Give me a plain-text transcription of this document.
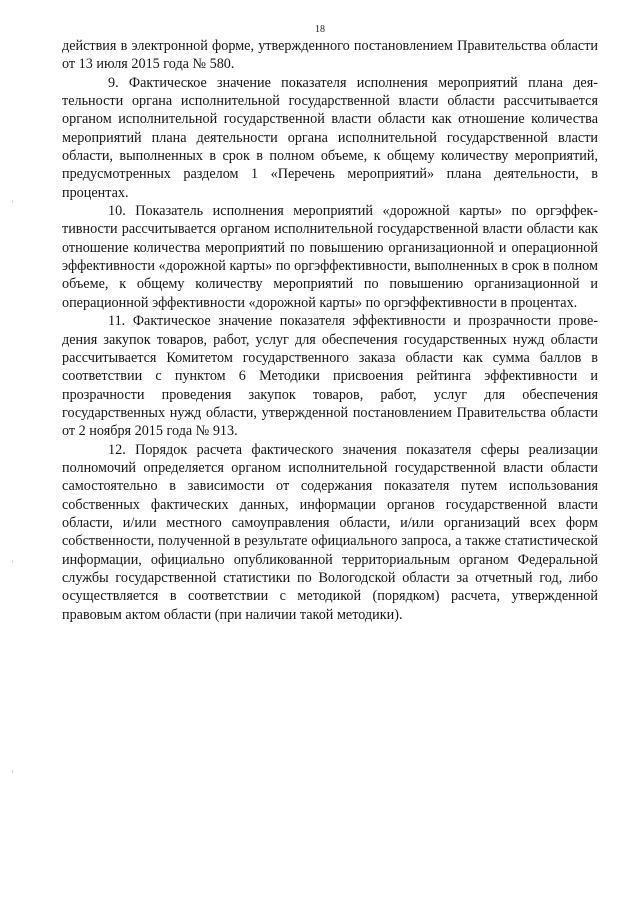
18

действия в электронной форме, утвержденного постановлением Правительства области от 13 июля 2015 года № 580.

9. Фактическое значение показателя исполнения мероприятий плана деятельности органа исполнительной государственной власти области рассчитывается органом исполнительной государственной власти области как отношение количества мероприятий плана деятельности органа исполнительной государственной власти области, выполненных в срок в полном объеме, к общему количеству мероприятий, предусмотренных разделом 1 «Перечень мероприятий» плана деятельности, в процентах.

10. Показатель исполнения мероприятий «дорожной карты» по оргэффективности рассчитывается органом исполнительной государственной власти области как отношение количества мероприятий по повышению организационной и операционной эффективности «дорожной карты» по оргэффективности, выполненных в срок в полном объеме, к общему количеству мероприятий по повышению организационной и операционной эффективности «дорожной карты» по оргэффективности в процентах.

11. Фактическое значение показателя эффективности и прозрачности проведения закупок товаров, работ, услуг для обеспечения государственных нужд области рассчитывается Комитетом государственного заказа области как сумма баллов в соответствии с пунктом 6 Методики присвоения рейтинга эффективности и прозрачности проведения закупок товаров, работ, услуг для обеспечения государственных нужд области, утвержденной постановлением Правительства области от 2 ноября 2015 года № 913.

12. Порядок расчета фактического значения показателя сферы реализации полномочий определяется органом исполнительной государственной власти области самостоятельно в зависимости от содержания показателя путем использования собственных фактических данных, информации органов государственной власти области, и/или местного самоуправления области, и/или организаций всех форм собственности, полученной в результате официального запроса, а также статистической информации, официально опубликованной территориальным органом Федеральной службы государственной статистики по Вологодской области за отчетный год, либо осуществляется в соответствии с методикой (порядком) расчета, утвержденной правовым актом области (при наличии такой методики).
